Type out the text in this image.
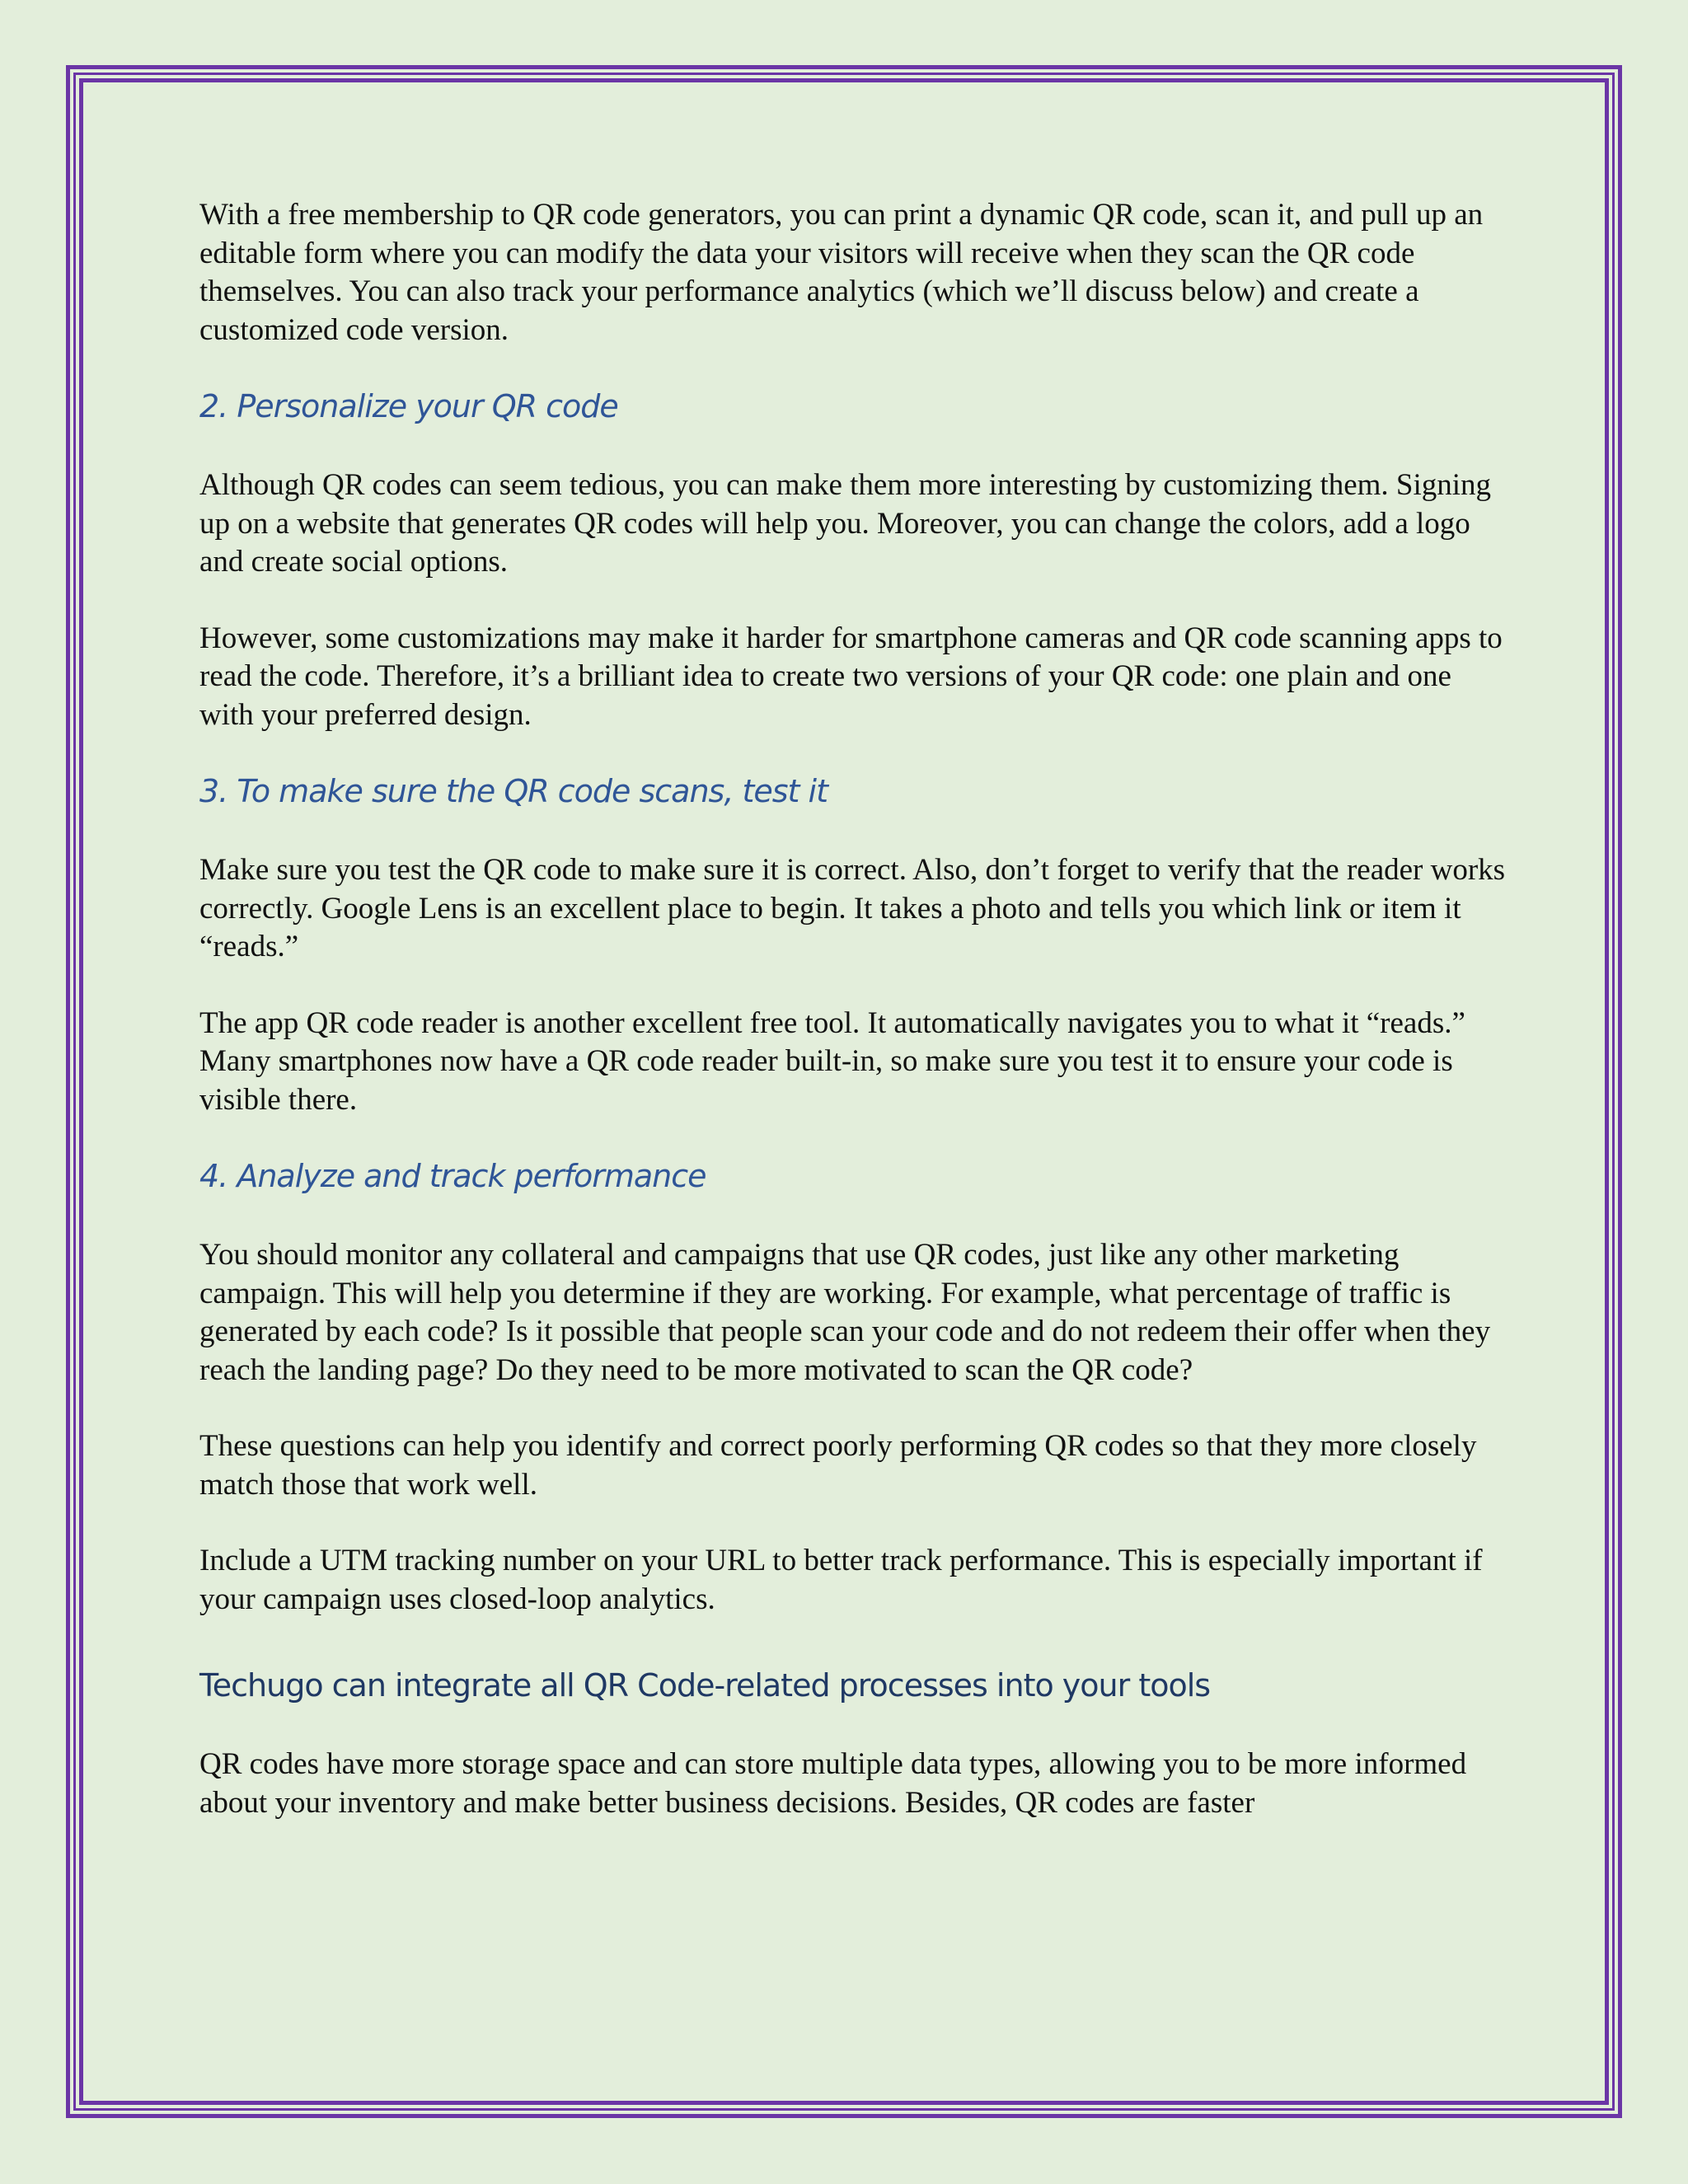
With a free membership to QR code generators, you can print a dynamic QR code, scan it, and pull up an editable form where you can modify the data your visitors will receive when they scan the QR code themselves. You can also track your performance analytics (which we’ll discuss below) and create a customized code version.

2. Personalize your QR code

Although QR codes can seem tedious, you can make them more interesting by customizing them. Signing up on a website that generates QR codes will help you. Moreover, you can change the colors, add a logo and create social options.

However, some customizations may make it harder for smartphone cameras and QR code scanning apps to read the code. Therefore, it’s a brilliant idea to create two versions of your QR code: one plain and one with your preferred design.

3. To make sure the QR code scans, test it

Make sure you test the QR code to make sure it is correct. Also, don’t forget to verify that the reader works correctly. Google Lens is an excellent place to begin. It takes a photo and tells you which link or item it “reads.”

The app QR code reader is another excellent free tool. It automatically navigates you to what it “reads.” Many smartphones now have a QR code reader built-in, so make sure you test it to ensure your code is visible there.

4. Analyze and track performance

You should monitor any collateral and campaigns that use QR codes, just like any other marketing campaign. This will help you determine if they are working. For example, what percentage of traffic is generated by each code? Is it possible that people scan your code and do not redeem their offer when they reach the landing page? Do they need to be more motivated to scan the QR code?

These questions can help you identify and correct poorly performing QR codes so that they more closely match those that work well.

Include a UTM tracking number on your URL to better track performance. This is especially important if your campaign uses closed-loop analytics.

Techugo can integrate all QR Code-related processes into your tools

QR codes have more storage space and can store multiple data types, allowing you to be more informed about your inventory and make better business decisions. Besides, QR codes are faster
